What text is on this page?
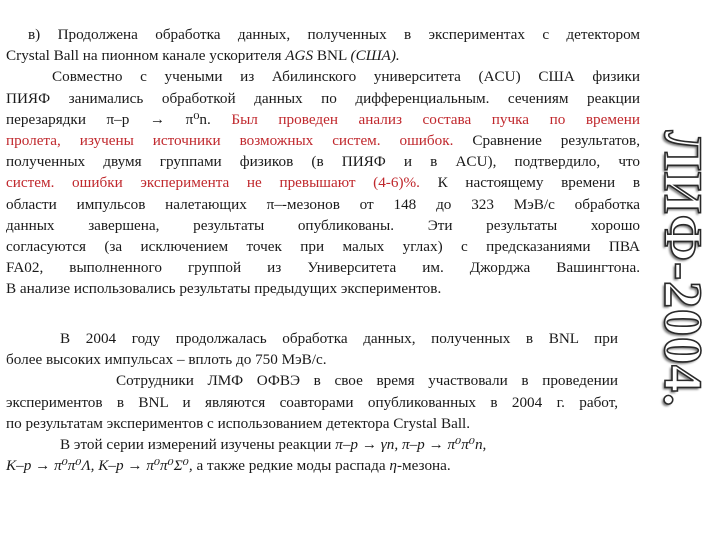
в) Продолжена обработка данных, полученных в экспериментах с детектором
Crystal Ball на пионном канале ускорителя AGS BNL (США).
Совместно с учеными из Абилинского университета (ACU) США физики
ПИЯФ занимались обработкой данных по дифференциальным. сечениям реакции
перезарядки π–p → π⁰n. Был проведен анализ состава пучка по времени
пролета, изучены источники возможных систем. ошибок. Сравнение результатов,
полученных двумя группами физиков (в ПИЯФ и в ACU), подтвердило, что
систем. ошибки эксперимента не превышают (4-6)%. К настоящему времени в
области импульсов налетающих π–-мезонов от 148 до 323 МэВ/с обработка
данных завершена, результаты опубликованы. Эти результаты хорошо
согласуются (за исключением точек при малых углах) с предсказаниями ПВА
FA02, выполненного группой из Университета им. Джорджа Вашингтона.
В анализе использовались результаты предыдущих экспериментов.
В 2004 году продолжалась обработка данных, полученных в BNL при
более высоких импульсах – вплоть до 750 МэВ/с.
Сотрудники ЛМФ ОФВЭ в свое время участвовали в проведении
экспериментов в BNL и являются соавторами опубликованных в 2004 г. работ,
по результатам экспериментов с использованием детектора Crystal Ball.
В этой серии измерений изучены реакции π–p → γn, π–p → π⁰π⁰n,
K–p → π⁰π⁰Λ, K–p → π⁰π⁰Σ⁰, а также редкие моды распада η-мезона.
ЛИФ-2004.
